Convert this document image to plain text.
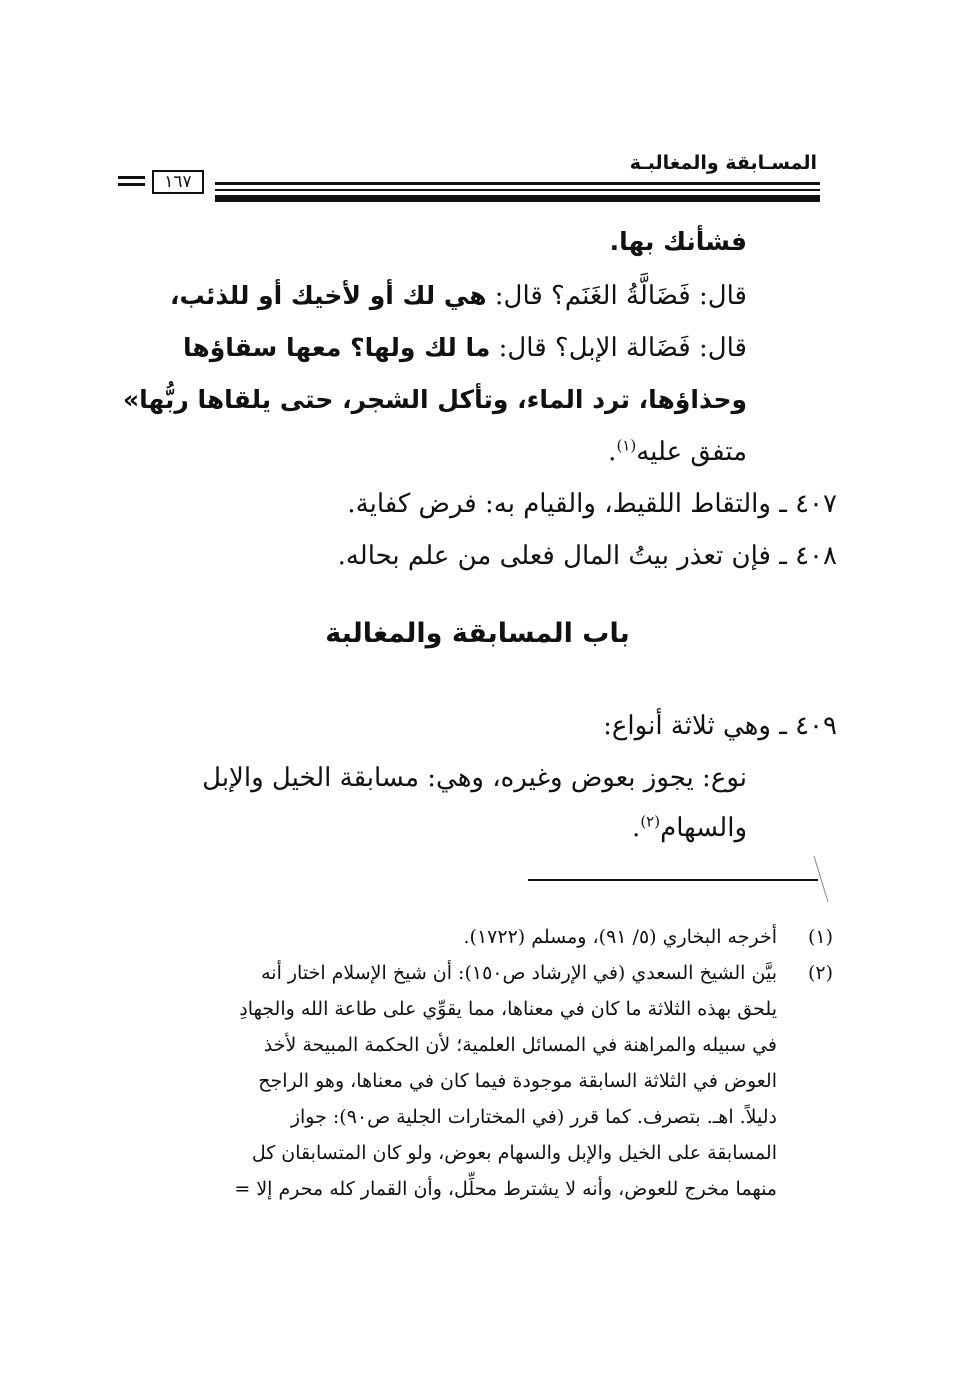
المسـابقة والمغالبـة
١٦٧

فشأنك بها.

قال: فَضَالَّةُ الغَنَم؟ قال: هي لك أو لأخيك أو للذئب،

قال: فَضَالة الإبل؟ قال: ما لك ولها؟ معها سقاؤها

وحذاؤها، ترد الماء، وتأكل الشجر، حتى يلقاها ربُّها»

متفق عليه$^{(١)}$.

٤٠٧ ـ والتقاط اللقيط، والقيام به: فرض كفاية.

٤٠٨ ـ فإن تعذر بيتُ المال فعلى من علم بحاله.

باب المسابقة والمغالبة

٤٠٩ ـ وهي ثلاثة أنواع:

نوع: يجوز بعوض وغيره، وهي: مسابقة الخيل والإبل

والسهام$^{(٢)}$.

(١)

أخرجه البخاري (٥/ ٩١)، ومسلم (١٧٢٢).

(٢)

بيَّن الشيخ السعدي (في الإرشاد ص١٥٠): أن شيخ الإسلام اختار أنه

يلحق بهذه الثلاثة ما كان في معناها، مما يقوِّي على طاعة الله والجهادِ

في سبيله والمراهنة في المسائل العلمية؛ لأن الحكمة المبيحة لأخذ

العوض في الثلاثة السابقة موجودة فيما كان في معناها، وهو الراجح

دليلاً. اهـ. بتصرف. كما قرر (في المختارات الجلية ص٩٠): جواز

المسابقة على الخيل والإبل والسهام بعوض، ولو كان المتسابقان كل

منهما مخرج للعوض، وأنه لا يشترط محلِّل، وأن القمار كله محرم إلا =
